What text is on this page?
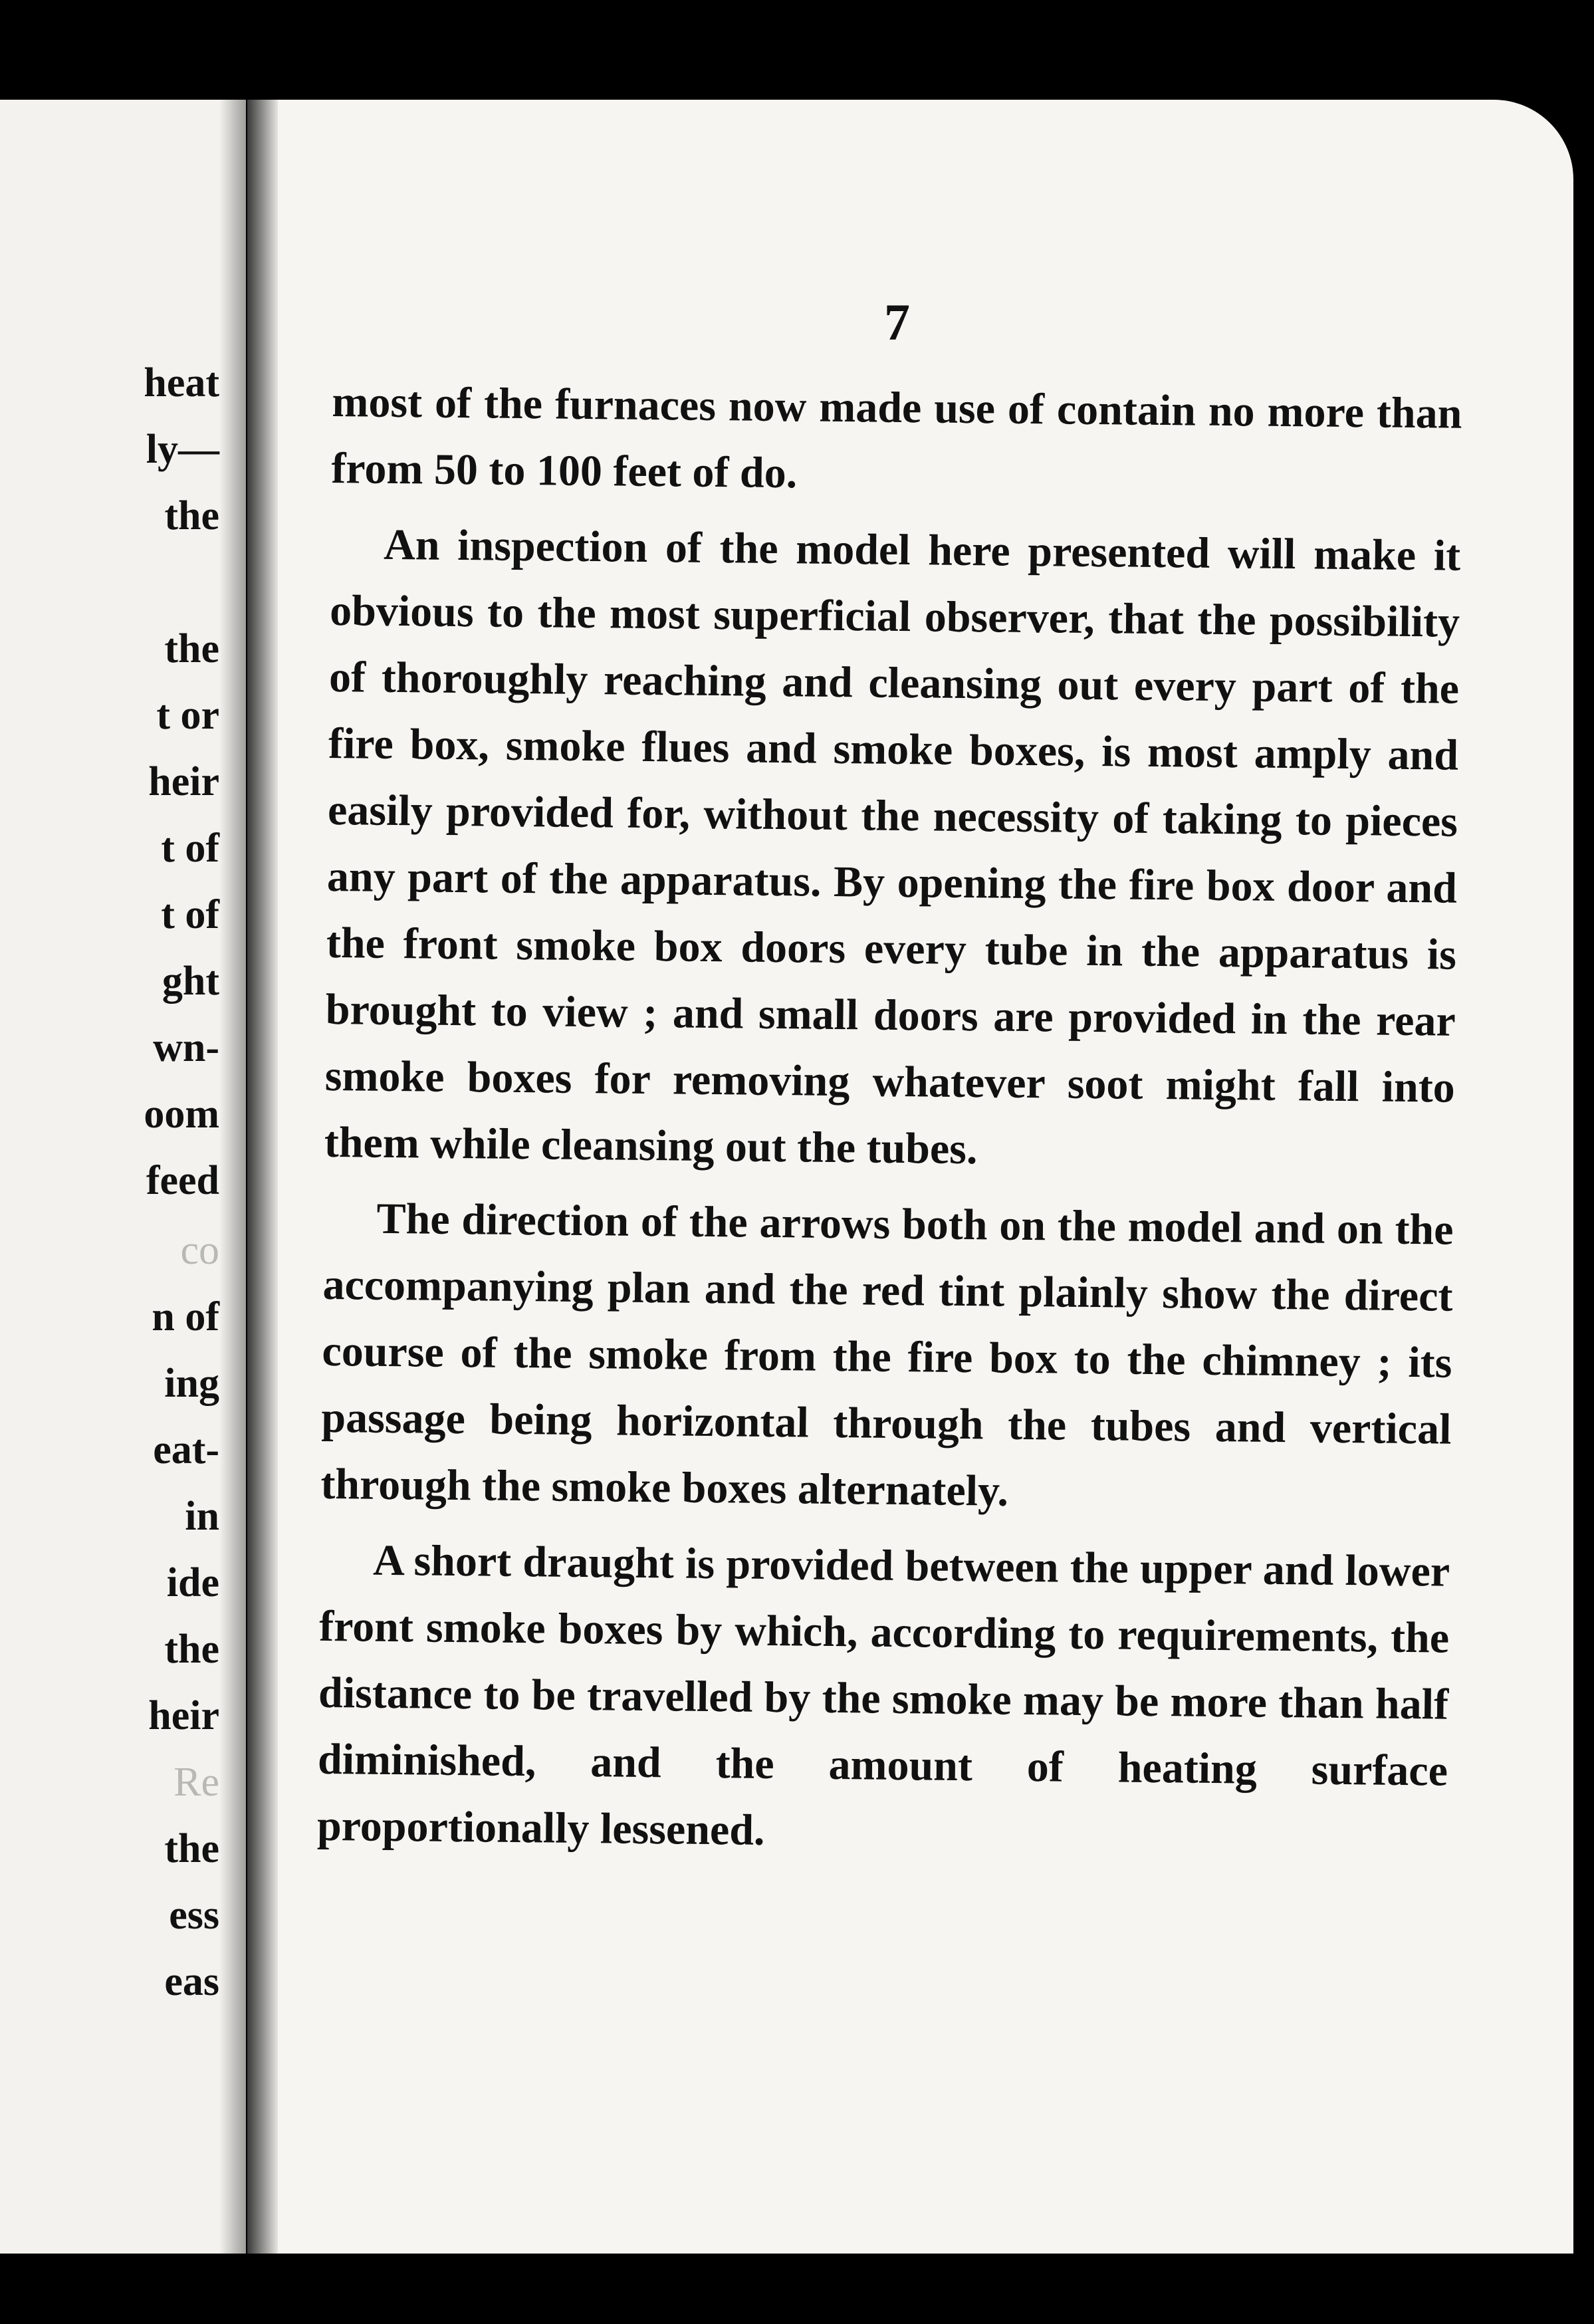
heat
ly—
the
the
t or
heir
t of
t of
ght
wn-
oom
feed
co
n of
ing
eat-
in
ide
the
heir
Re
the
ess
eas
7

most of the furnaces now made use of contain no more than from 50 to 100 feet of do.

An inspection of the model here presented will make it obvious to the most superficial observer, that the possibility of thoroughly reaching and cleansing out every part of the fire box, smoke flues and smoke boxes, is most amply and easily provided for, without the necessity of taking to pieces any part of the apparatus. By opening the fire box door and the front smoke box doors every tube in the apparatus is brought to view ; and small doors are provided in the rear smoke boxes for removing whatever soot might fall into them while cleansing out the tubes.

The direction of the arrows both on the model and on the accompanying plan and the red tint plainly show the direct course of the smoke from the fire box to the chimney ; its passage being horizontal through the tubes and vertical through the smoke boxes alternately.

A short draught is provided between the upper and lower front smoke boxes by which, according to requirements, the distance to be travelled by the smoke may be more than half diminished, and the amount of heating surface proportionally lessened.
